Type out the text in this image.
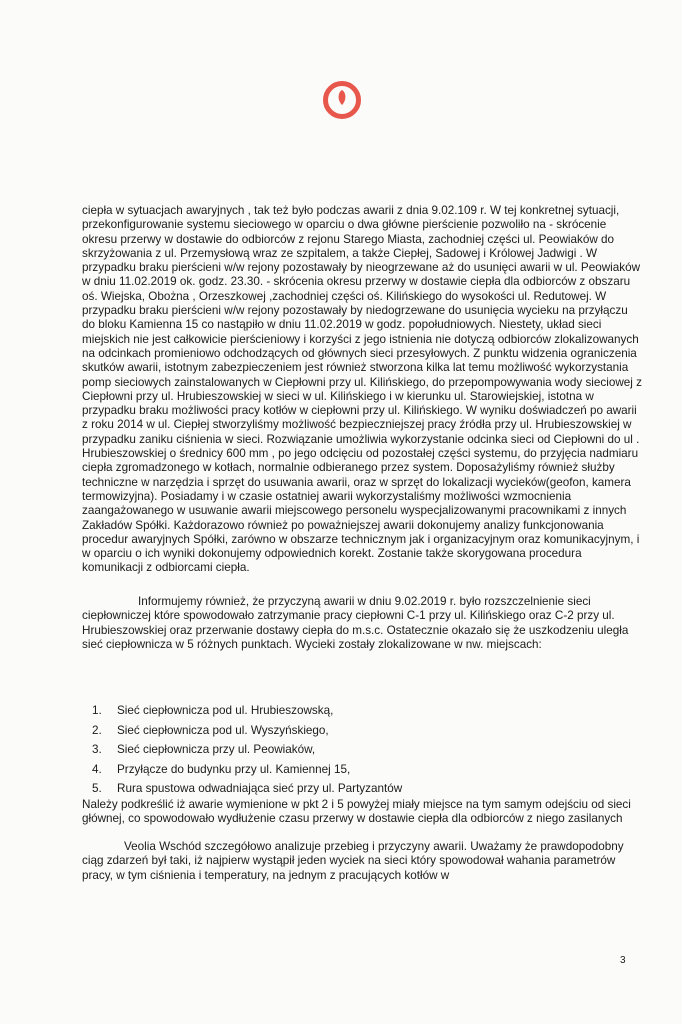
ciepła w sytuacjach awaryjnych , tak też było podczas awarii z dnia 9.02.109 r. W tej konkretnej sytuacji, przekonfigurowanie systemu sieciowego w oparciu o dwa główne pierścienie pozwoliło na - skrócenie okresu przerwy w dostawie do odbiorców z rejonu Starego Miasta, zachodniej części ul. Peowiaków do skrzyżowania z ul. Przemysłową wraz ze szpitalem, a także Ciepłej, Sadowej i Królowej Jadwigi . W przypadku braku pierścieni w/w rejony pozostawały by nieogrzewane aż do usunięci awarii w ul. Peowiaków w dniu 11.02.2019 ok. godz. 23.30. - skrócenia okresu przerwy w dostawie ciepła dla odbiorców z obszaru oś. Wiejska, Obożna , Orzeszkowej ,zachodniej części oś. Kilińskiego do wysokości ul. Redutowej. W przypadku braku pierścieni w/w rejony pozostawały by niedogrzewane do usunięcia wycieku na przyłączu do bloku Kamienna 15 co nastąpiło w dniu 11.02.2019 w godz. popołudniowych. Niestety, układ sieci miejskich nie jest całkowicie pierścieniowy i korzyści z jego istnienia nie dotyczą odbiorców zlokalizowanych na odcinkach promieniowo odchodzących od głównych sieci przesyłowych. Z punktu widzenia ograniczenia skutków awarii, istotnym zabezpieczeniem jest również stworzona kilka lat temu możliwość wykorzystania pomp sieciowych zainstalowanych w Ciepłowni przy ul. Kilińskiego, do przepompowywania wody sieciowej z Ciepłowni przy ul. Hrubieszowskiej w sieci w ul. Kilińskiego i w kierunku ul. Starowiejskiej, istotna w przypadku braku możliwości pracy kotłów w ciepłowni przy ul. Kilińskiego. W wyniku doświadczeń po awarii z roku 2014 w ul. Ciepłej stworzyliśmy możliwość bezpieczniejszej pracy źródła przy ul. Hrubieszowskiej w przypadku zaniku ciśnienia w sieci. Rozwiązanie umożliwia wykorzystanie odcinka sieci od Ciepłowni do ul . Hrubieszowskiej o średnicy 600 mm , po jego odcięciu od pozostałej części systemu, do przyjęcia nadmiaru ciepła zgromadzonego w kotłach, normalnie odbieranego przez system. Doposażyliśmy również służby techniczne w narzędzia i sprzęt do usuwania awarii, oraz w sprzęt do lokalizacji wycieków(geofon, kamera termowizyjna). Posiadamy i w czasie ostatniej awarii wykorzystaliśmy możliwości wzmocnienia zaangażowanego w usuwanie awarii miejscowego personelu wyspecjalizowanymi pracownikami z innych Zakładów Spółki. Każdorazowo również po poważniejszej awarii dokonujemy analizy funkcjonowania procedur awaryjnych Spółki, zarówno w obszarze technicznym jak i organizacyjnym oraz komunikacyjnym, i w oparciu o ich wyniki dokonujemy odpowiednich korekt. Zostanie także skorygowana procedura komunikacji z odbiorcami ciepła.

Informujemy również, że przyczyną awarii w dniu 9.02.2019 r. było rozszczelnienie sieci ciepłowniczej które spowodowało zatrzymanie pracy ciepłowni C-1 przy ul. Kilińskiego oraz C-2 przy ul. Hrubieszowskiej oraz przerwanie dostawy ciepła do m.s.c. Ostatecznie okazało się że uszkodzeniu uległa sieć ciepłownicza w 5 różnych punktach. Wycieki zostały zlokalizowane w nw. miejscach:

1.	Sieć ciepłownicza pod ul. Hrubieszowską,
2.	Sieć ciepłownicza pod ul. Wyszyńskiego,
3.	Sieć ciepłownicza przy ul. Peowiaków,
4.	Przyłącze do budynku przy ul. Kamiennej 15,
5.	Rura spustowa odwadniająca sieć przy ul. Partyzantów

Należy podkreślić iż awarie wymienione w pkt 2 i 5 powyżej miały miejsce na tym samym odejściu od sieci głównej, co spowodowało wydłużenie czasu przerwy w dostawie ciepła dla odbiorców z niego zasilanych

Veolia Wschód szczegółowo analizuje przebieg i przyczyny awarii. Uważamy że prawdopodobny ciąg zdarzeń był taki, iż najpierw wystąpił jeden wyciek na sieci który spowodował wahania parametrów pracy, w tym ciśnienia i temperatury, na jednym z pracujących kotłów w

3
